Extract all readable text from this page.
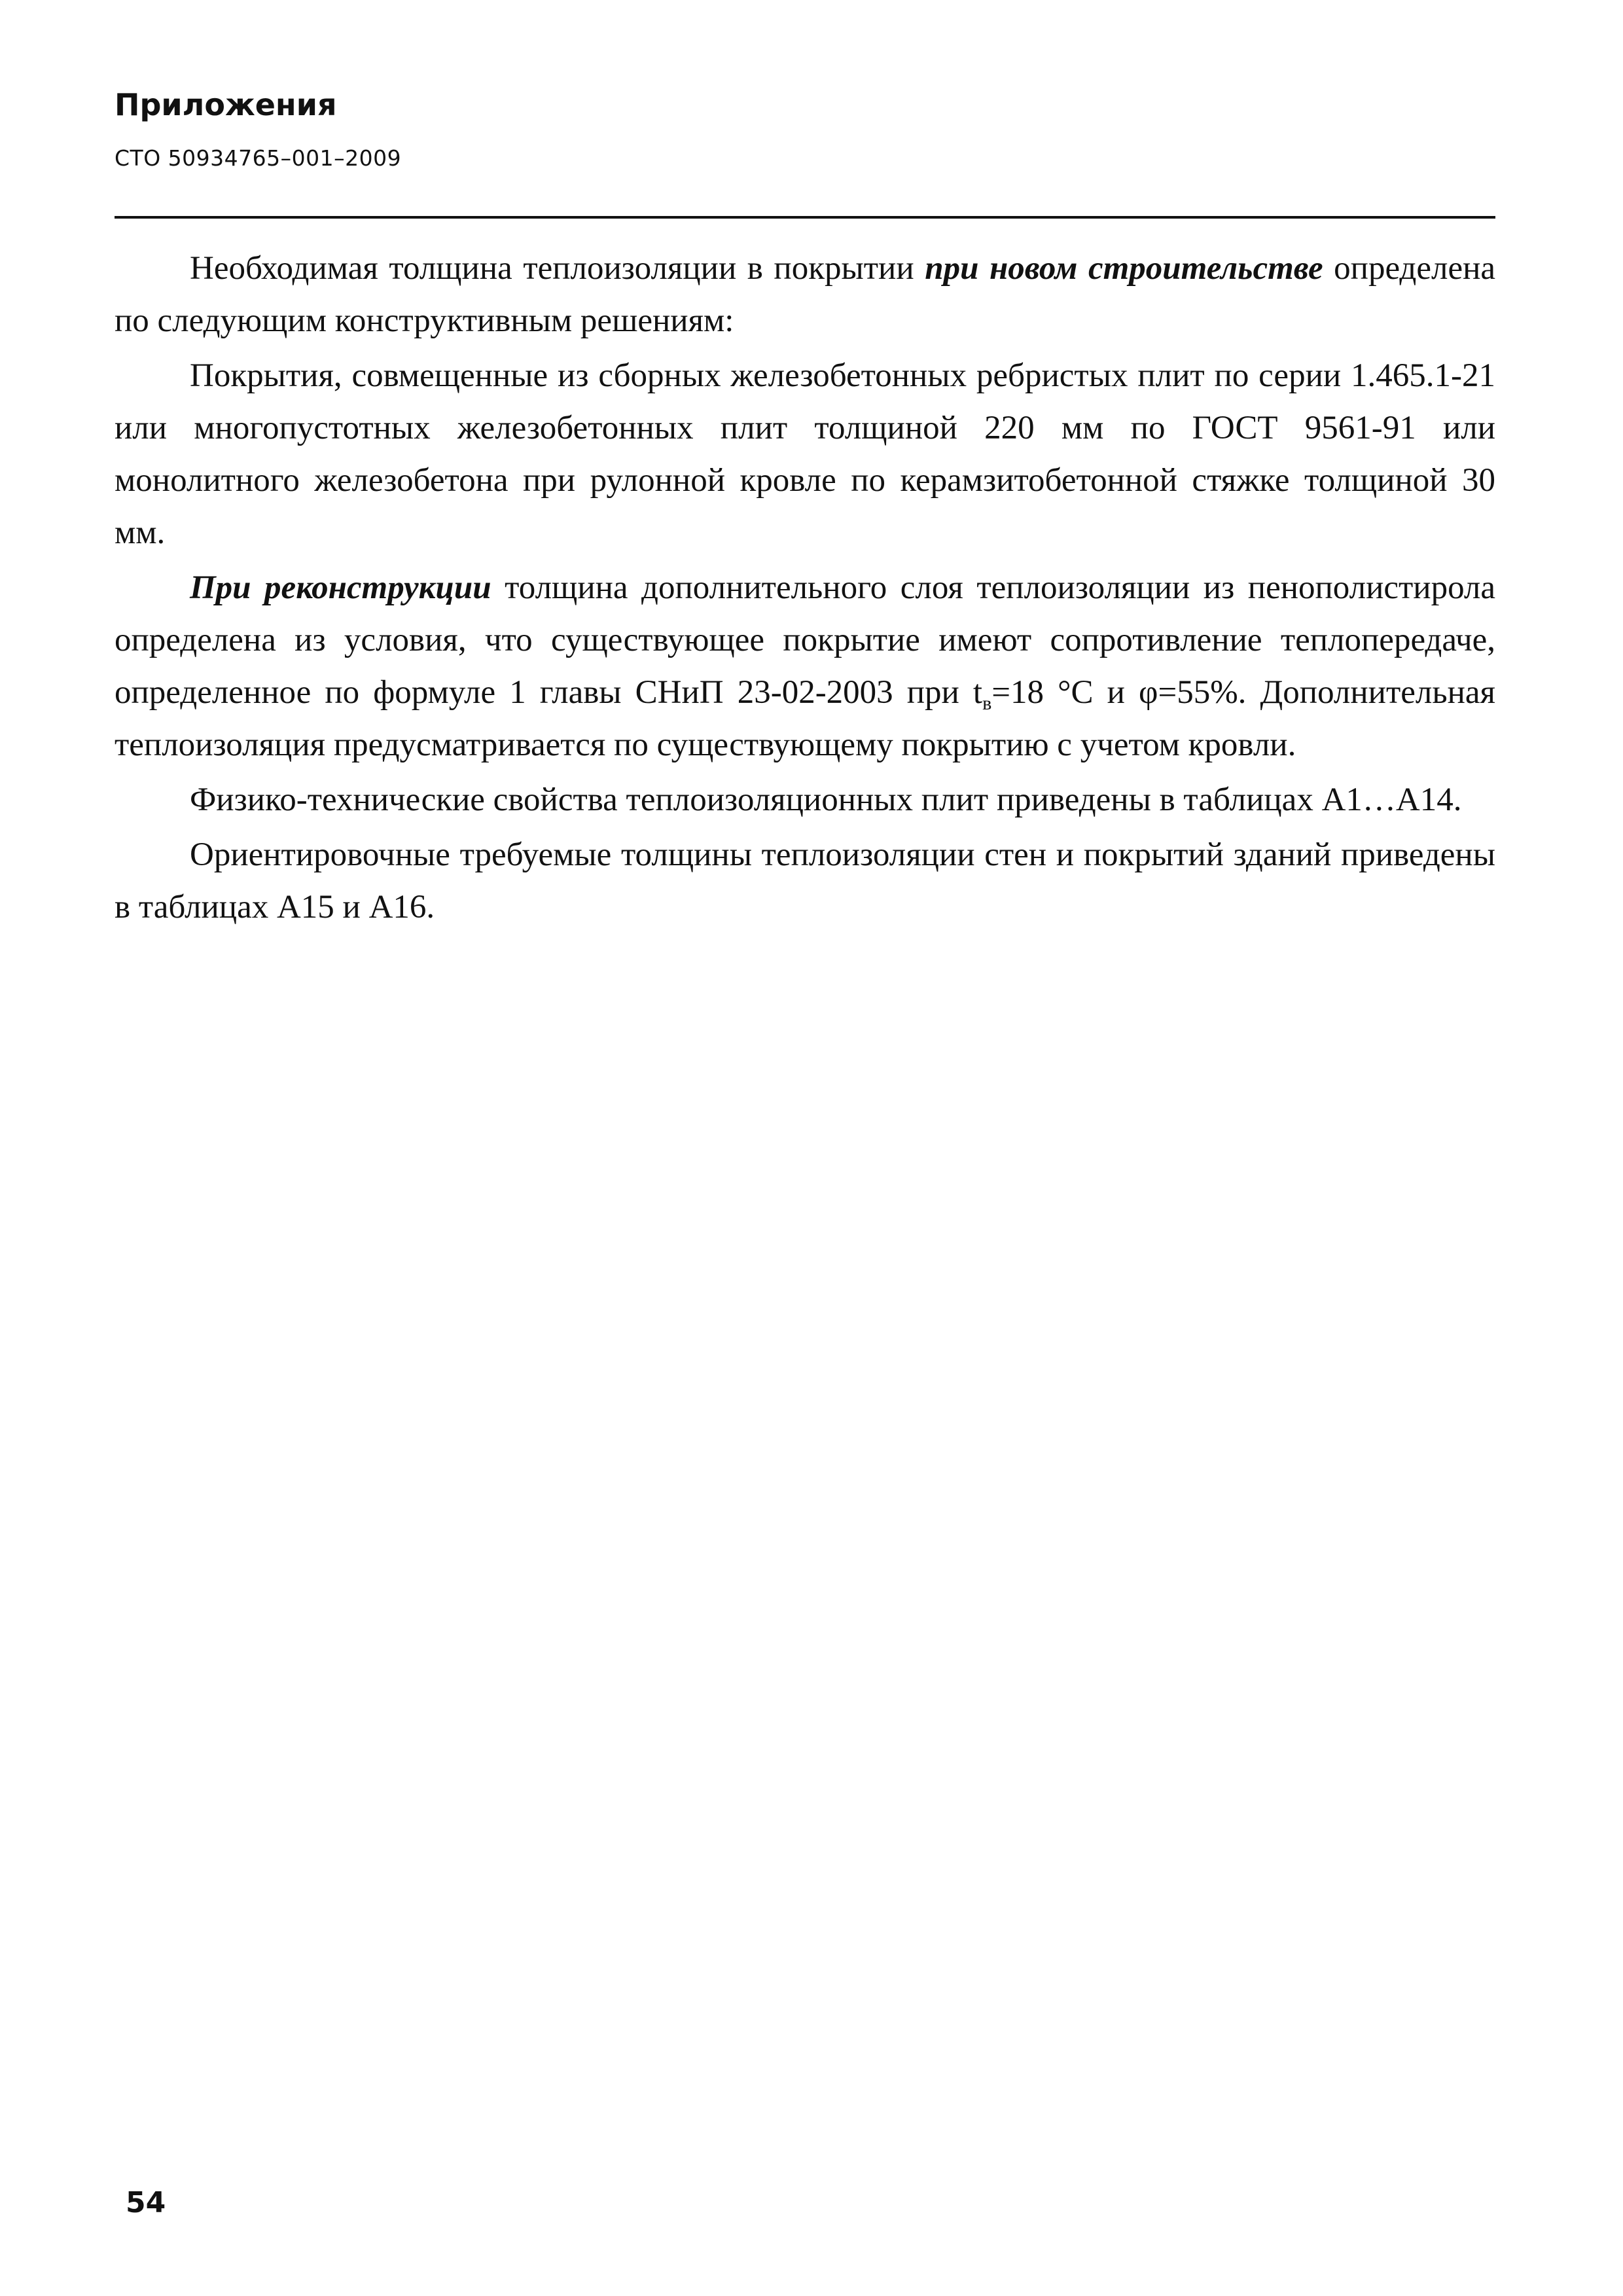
Приложения
СТО 50934765–001–2009

Необходимая толщина теплоизоляции в покрытии при новом строительстве определена по следующим конструктивным решениям:

Покрытия, совмещенные из сборных железобетонных ребристых плит по серии 1.465.1-21 или многопустотных железобетонных плит толщиной 220 мм по ГОСТ 9561-91 или монолитного железобетона при рулонной кровле по керамзитобетонной стяжке толщиной 30 мм.

При реконструкции толщина дополнительного слоя теплоизоляции из пенополистирола определена из условия, что существующее покрытие имеют сопротивление теплопередаче, определенное по формуле 1 главы СНиП 23-02-2003 при $t_в=18$ °С и φ=55%. Дополнительная теплоизоляция предусматривается по существующему покрытию с учетом кровли.

Физико-технические свойства теплоизоляционных плит приведены в таблицах А1…А14.

Ориентировочные требуемые толщины теплоизоляции стен и покрытий зданий приведены в таблицах А15 и А16.

54
